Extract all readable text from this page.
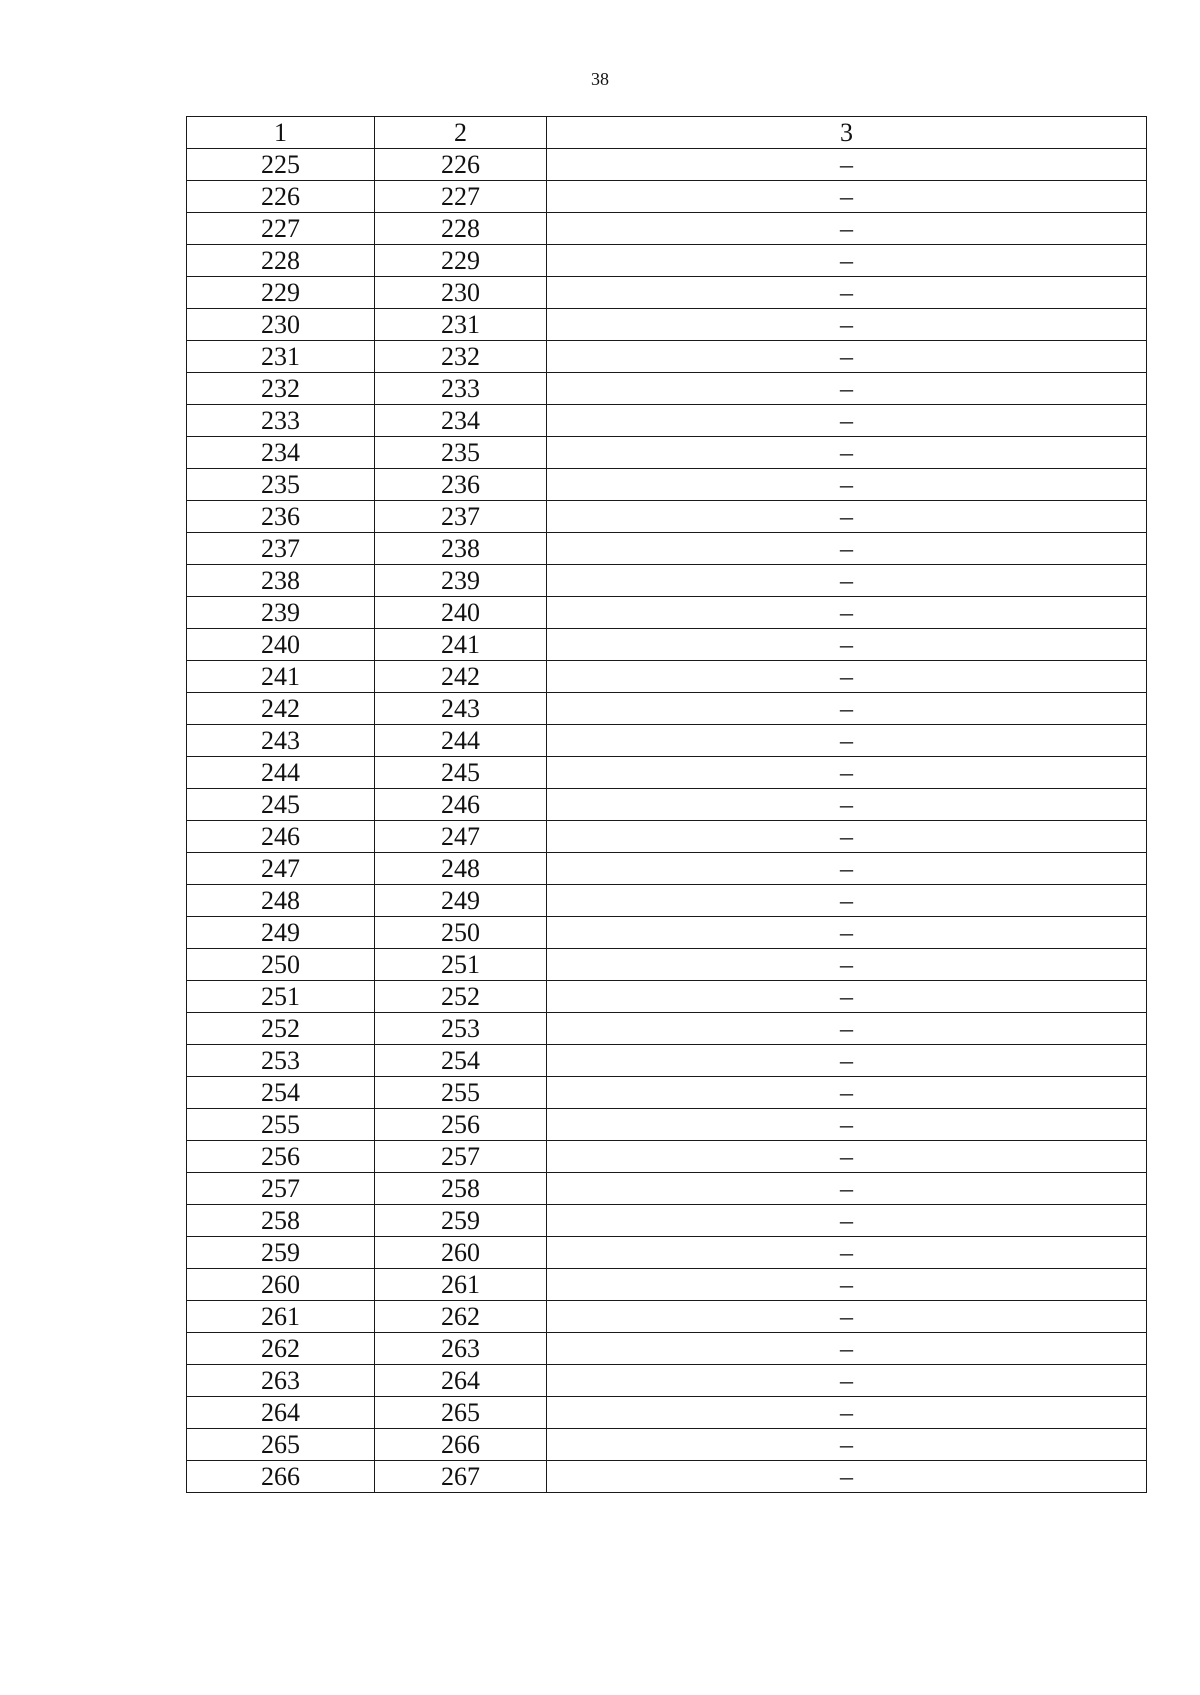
38
1	2	3
225	226	–
226	227	–
227	228	–
228	229	–
229	230	–
230	231	–
231	232	–
232	233	–
233	234	–
234	235	–
235	236	–
236	237	–
237	238	–
238	239	–
239	240	–
240	241	–
241	242	–
242	243	–
243	244	–
244	245	–
245	246	–
246	247	–
247	248	–
248	249	–
249	250	–
250	251	–
251	252	–
252	253	–
253	254	–
254	255	–
255	256	–
256	257	–
257	258	–
258	259	–
259	260	–
260	261	–
261	262	–
262	263	–
263	264	–
264	265	–
265	266	–
266	267	–
